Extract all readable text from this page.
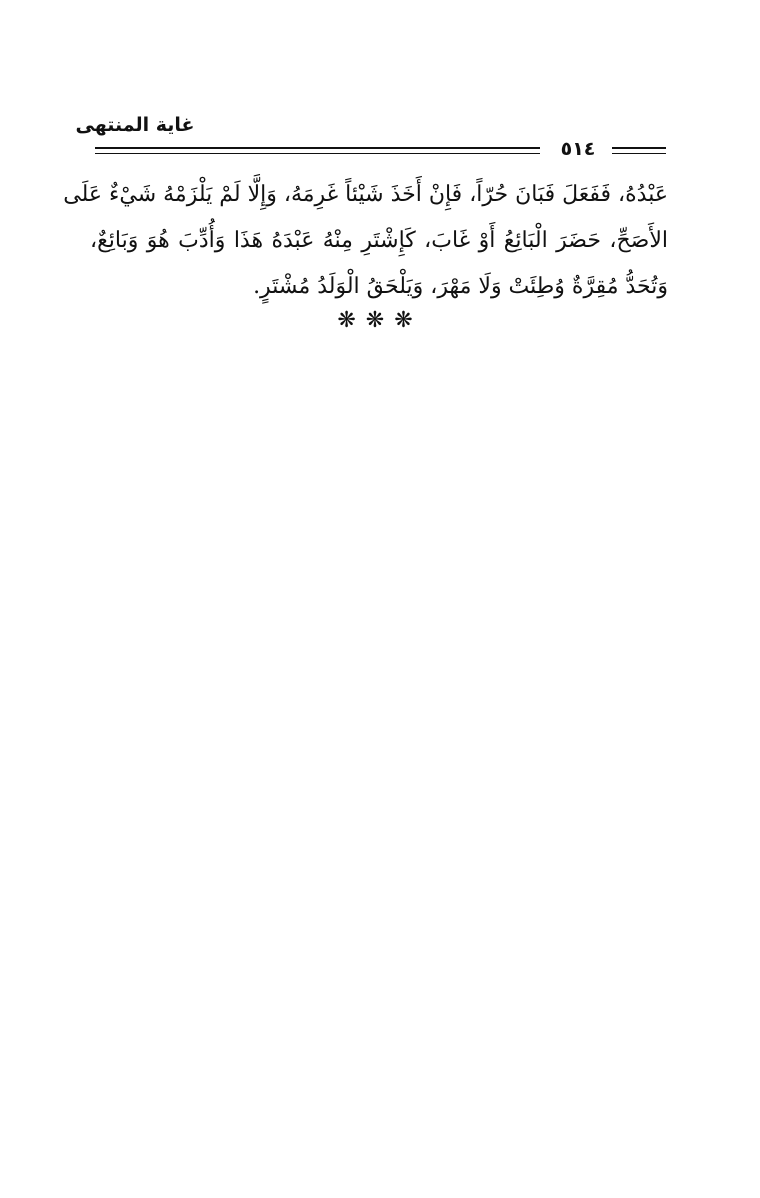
غاية المنتهى
٥١٤

عَبْدُهُ، فَفَعَلَ فَبَانَ حُرّاً، فَإِنْ أَخَذَ شَيْئاً غَرِمَهُ، وَإِلَّا لَمْ يَلْزَمْهُ شَيْءٌ عَلَى
الأَصَحِّ، حَضَرَ الْبَائِعُ أَوْ غَابَ، كَإِشْتَرِ مِنْهُ عَبْدَهُ هَذَا وَأُدِّبَ هُوَ وَبَائِعٌ،
وَتُحَدُّ مُقِرَّةٌ وُطِئَتْ وَلَا مَهْرَ، وَيَلْحَقُ الْوَلَدُ مُشْتَرٍ.

❋❋❋
